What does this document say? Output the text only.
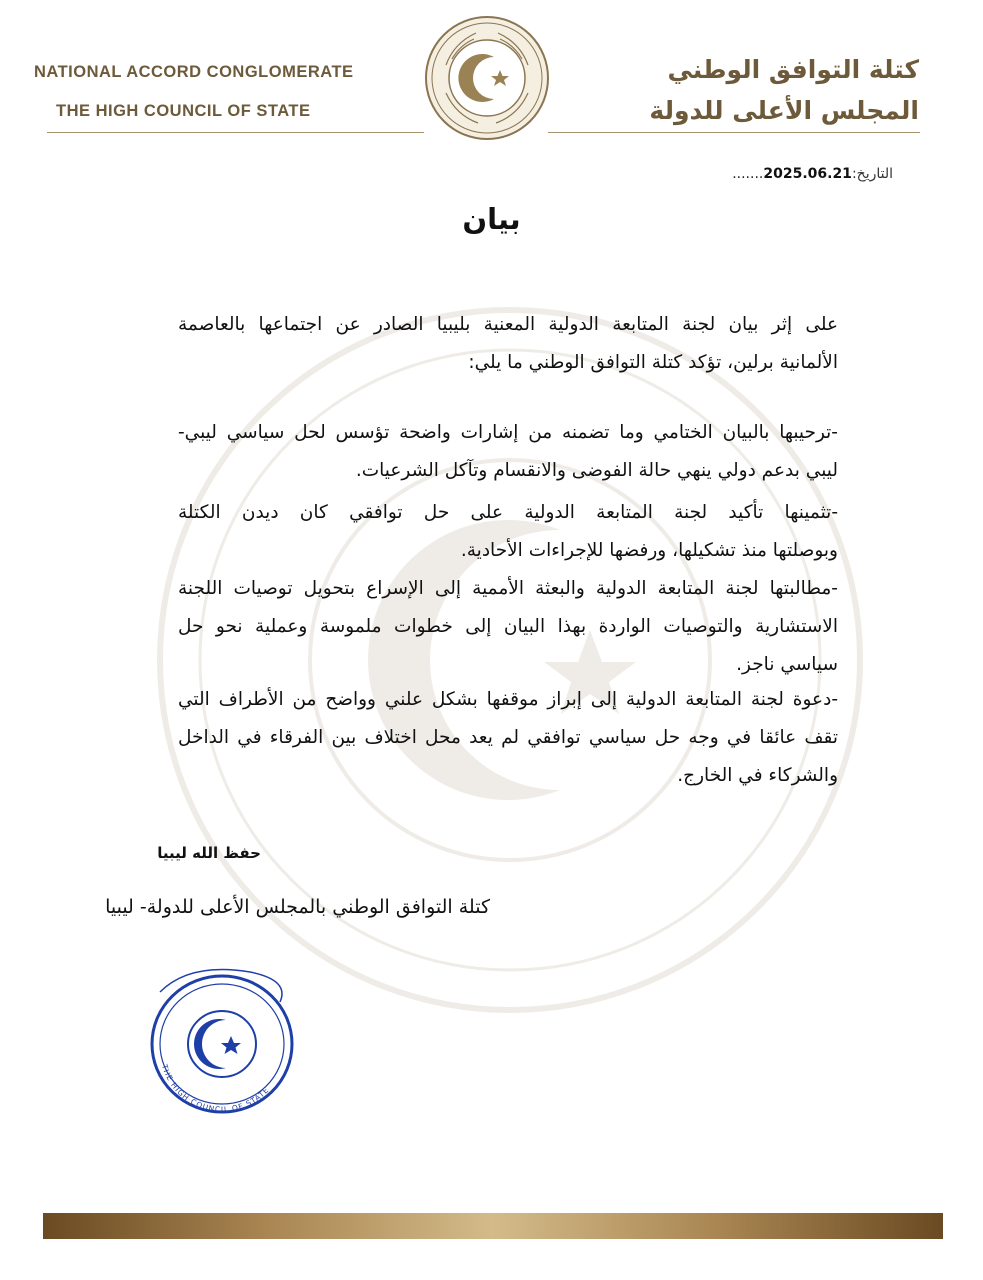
NATIONAL ACCORD CONGLOMERATE
THE HIGH COUNCIL OF STATE
كتلة التوافق الوطني
المجلس الأعلى للدولة
التاريخ:2025.06.21.......
بيان
على إثر بيان لجنة المتابعة الدولية المعنية بليبيا الصادر عن اجتماعها بالعاصمة
الألمانية برلين، تؤكد كتلة التوافق الوطني ما يلي:
-ترحيبها بالبيان الختامي وما تضمنه من إشارات واضحة تؤسس لحل سياسي ليبي-
ليبي بدعم دولي ينهي حالة الفوضى والانقسام وتآكل الشرعيات.
-تثمينها تأكيد لجنة المتابعة الدولية على حل توافقي كان ديدن الكتلة
وبوصلتها منذ تشكيلها، ورفضها للإجراءات الأحادية.
-مطالبتها لجنة المتابعة الدولية والبعثة الأممية إلى الإسراع بتحويل توصيات اللجنة
الاستشارية والتوصيات الواردة بهذا البيان إلى خطوات ملموسة وعملية نحو حل
سياسي ناجز.
-دعوة لجنة المتابعة الدولية إلى إبراز موقفها بشكل علني وواضح من الأطراف التي
تقف عائقا في وجه حل سياسي توافقي لم يعد محل اختلاف بين الفرقاء في الداخل
والشركاء في الخارج.
حفظ الله ليبيا
كتلة التوافق الوطني بالمجلس الأعلى للدولة- ليبيا
THE HIGH COUNCIL OF STATE
